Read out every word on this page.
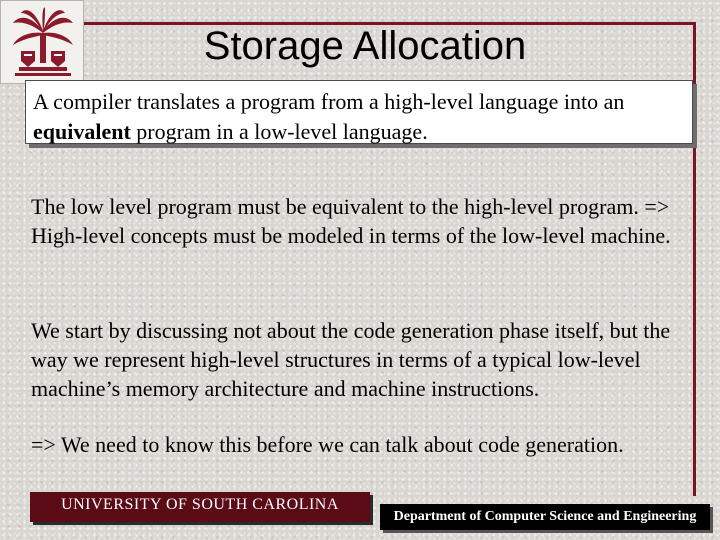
Storage Allocation
A compiler translates a program from a high-level language into an
equivalent program in a low-level language.

The low level program must be equivalent to the high-level program. => High-level concepts must be modeled in terms of the low-level machine.

We start by discussing not about the code generation phase itself, but the way we represent high-level structures in terms of a typical low-level machine’s memory architecture and machine instructions.

=> We need to know this before we can talk about code generation.

UNIVERSITY OF SOUTH CAROLINA
Department of Computer Science and Engineering
